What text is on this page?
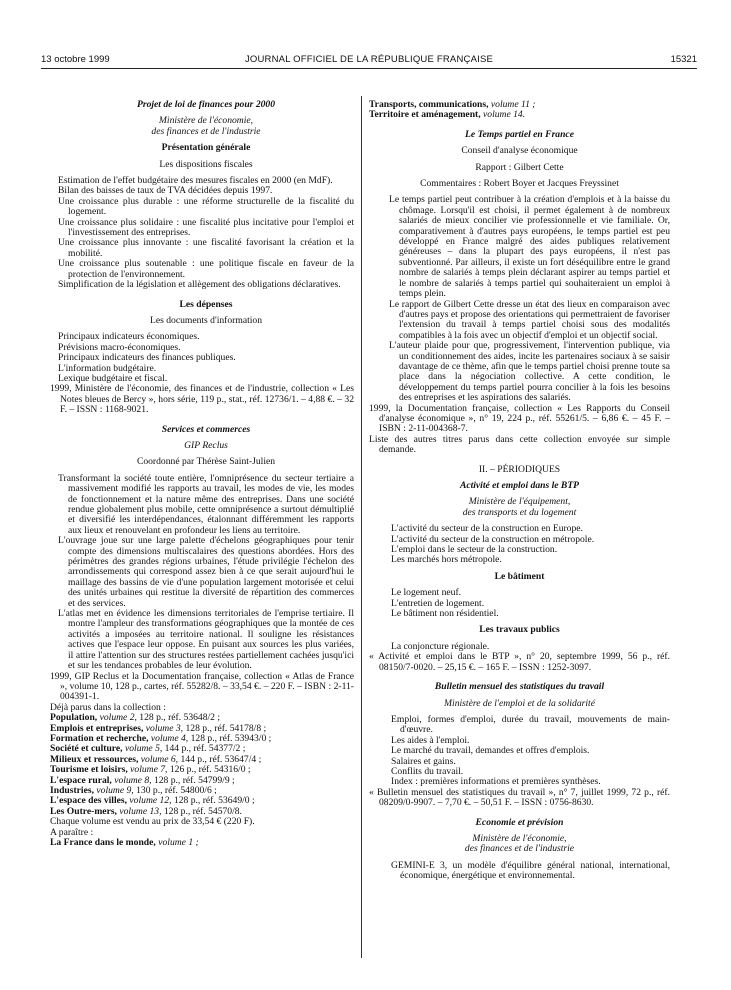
13 octobre 1999	JOURNAL OFFICIEL DE LA RÉPUBLIQUE FRANÇAISE	15321
Projet de loi de finances pour 2000
Ministère de l'économie,
des finances et de l'industrie
Présentation générale
Les dispositions fiscales

Estimation de l'effet budgétaire des mesures fiscales en 2000 (en MdF).

Bilan des baisses de taux de TVA décidées depuis 1997.

Une croissance plus durable : une réforme structurelle de la fiscalité du logement.

Une croissance plus solidaire : une fiscalité plus incitative pour l'emploi et l'investissement des entreprises.

Une croissance plus innovante : une fiscalité favorisant la création et la mobilité.

Une croissance plus soutenable : une politique fiscale en faveur de la protection de l'environnement.

Simplification de la législation et allègement des obligations déclaratives.

Les dépenses
Les documents d'information

Principaux indicateurs économiques.

Prévisions macro-économiques.

Principaux indicateurs des finances publiques.

L'information budgétaire.

Lexique budgétaire et fiscal.

1999, Ministère de l'économie, des finances et de l'industrie, collection « Les Notes bleues de Bercy », hors série, 119 p., stat., réf. 12736/1. – 4,88 €. – 32 F. – ISSN : 1168-9021.

Services et commerces
GIP Reclus
Coordonné par Thérèse Saint-Julien

Transformant la société toute entière, l'omniprésence du secteur tertiaire a massivement modifié les rapports au travail, les modes de vie, les modes de fonctionnement et la nature même des entreprises. Dans une société rendue globalement plus mobile, cette omniprésence a surtout démultiplié et diversifié les interdépendances, étalonnant différemment les rapports aux lieux et renouvelant en profondeur les liens au territoire.

L'ouvrage joue sur une large palette d'échelons géographiques pour tenir compte des dimensions multiscalaires des questions abordées. Hors des périmètres des grandes régions urbaines, l'étude privilégie l'échelon des arrondissements qui correspond assez bien à ce que serait aujourd'hui le maillage des bassins de vie d'une population largement motorisée et celui des unités urbaines qui restitue la diversité de répartition des commerces et des services.

L'atlas met en évidence les dimensions territoriales de l'emprise tertiaire. Il montre l'ampleur des transformations géographiques que la montée de ces activités a imposées au territoire national. Il souligne les résistances actives que l'espace leur oppose. En puisant aux sources les plus variées, il attire l'attention sur des structures restées partiellement cachées jusqu'ici et sur les tendances probables de leur évolution.

1999, GIP Reclus et la Documentation française, collection « Atlas de France », volume 10, 128 p., cartes, réf. 55282/8. – 33,54 €. – 220 F. – ISBN : 2-11-004391-1.

Déjà parus dans la collection :

Population, volume 2, 128 p., réf. 53648/2 ;
Emplois et entreprises, volume 3, 128 p., réf. 54178/8 ;
Formation et recherche, volume 4, 128 p., réf. 53943/0 ;
Société et culture, volume 5, 144 p., réf. 54377/2 ;
Milieux et ressources, volume 6, 144 p., réf. 53647/4 ;
Tourisme et loisirs, volume 7, 126 p., réf. 54316/0 ;
L'espace rural, volume 8, 128 p., réf. 54799/9 ;
Industries, volume 9, 130 p., réf. 54800/6 ;
L'espace des villes, volume 12, 128 p., réf. 53649/0 ;
Les Outre-mers, volume 13, 128 p., réf. 54570/8.

Chaque volume est vendu au prix de 33,54 € (220 F).

A paraître :

La France dans le monde, volume 1 ;

Transports, communications, volume 11 ;
Territoire et aménagement, volume 14.
Le Temps partiel en France
Conseil d'analyse économique
Rapport : Gilbert Cette
Commentaires : Robert Boyer et Jacques Freyssinet

Le temps partiel peut contribuer à la création d'emplois et à la baisse du chômage. Lorsqu'il est choisi, il permet également à de nombreux salariés de mieux concilier vie professionnelle et vie familiale. Or, comparativement à d'autres pays européens, le temps partiel est peu développé en France malgré des aides publiques relativement généreuses – dans la plupart des pays européens, il n'est pas subventionné. Par ailleurs, il existe un fort déséquilibre entre le grand nombre de salariés à temps plein déclarant aspirer au temps partiel et le nombre de salariés à temps partiel qui souhaiteraient un emploi à temps plein.

Le rapport de Gilbert Cette dresse un état des lieux en comparaison avec d'autres pays et propose des orientations qui permettraient de favoriser l'extension du travail à temps partiel choisi sous des modalités compatibles à la fois avec un objectif d'emploi et un objectif social.

L'auteur plaide pour que, progressivement, l'intervention publique, via un conditionnement des aides, incite les partenaires sociaux à se saisir davantage de ce thème, afin que le temps partiel choisi prenne toute sa place dans la négociation collective. A cette condition, le développement du temps partiel pourra concilier à la fois les besoins des entreprises et les aspirations des salariés.

1999, la Documentation française, collection « Les Rapports du Conseil d'analyse économique », n° 19, 224 p., réf. 55261/5. – 6,86 €. – 45 F. – ISBN : 2-11-004368-7.

Liste des autres titres parus dans cette collection envoyée sur simple demande.

II. – PÉRIODIQUES
Activité et emploi dans le BTP
Ministère de l'équipement,
des transports et du logement
L'activité du secteur de la construction en Europe.
L'activité du secteur de la construction en métropole.
L'emploi dans le secteur de la construction.
Les marchés hors métropole.
Le bâtiment
Le logement neuf.
L'entretien de logement.
Le bâtiment non résidentiel.
Les travaux publics
La conjoncture régionale.

« Activité et emploi dans le BTP », n° 20, septembre 1999, 56 p., réf. 08150/7-0020. – 25,15 €. – 165 F. – ISSN : 1252-3097.

Bulletin mensuel des statistiques du travail
Ministère de l'emploi et de la solidarité

Emploi, formes d'emploi, durée du travail, mouvements de main-d'œuvre.

Les aides à l'emploi.

Le marché du travail, demandes et offres d'emplois.

Salaires et gains.

Conflits du travail.

Index : premières informations et premières synthèses.

« Bulletin mensuel des statistiques du travail », n° 7, juillet 1999, 72 p., réf. 08209/0-9907. – 7,70 €. – 50,51 F. – ISSN : 0756-8630.

Economie et prévision
Ministère de l'économie,
des finances et de l'industrie

GEMINI-E 3, un modèle d'équilibre général national, international, économique, énergétique et environnemental.
